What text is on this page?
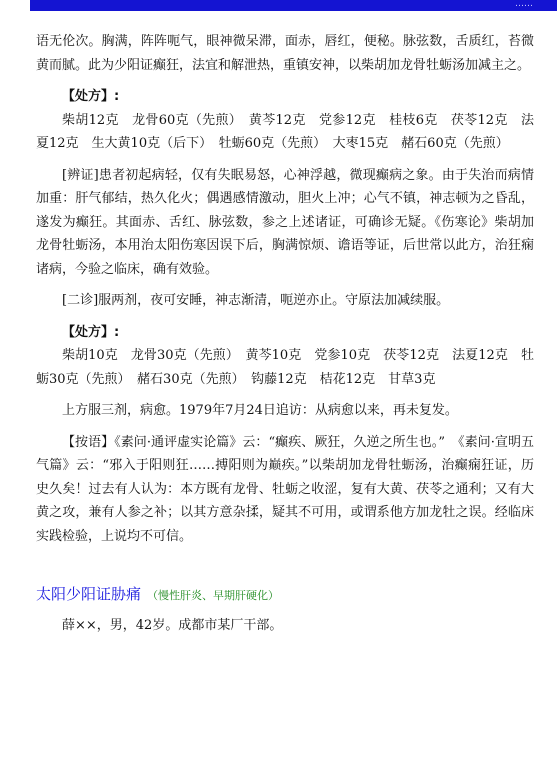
……

语无伦次。胸满，阵阵呃气，眼神微呆滞，面赤，唇红，便秘。脉弦数，舌质红，苔微黄而腻。此为少阳证癫狂，法宜和解泄热，重镇安神，以柴胡加龙骨牡蛎汤加减主之。

【处方】:

柴胡12克　龙骨60克（先煎）　黄芩12克　党参12克　桂枝6克　茯苓12克　法夏12克　生大黄10克（后下）　牡蛎60克（先煎）　大枣15克　赭石60克（先煎）

[辨证]患者初起病轻，仅有失眠易怒，心神浮越，微现癫病之象。由于失治而病情加重：肝气郁结，热久化火；偶遇感情激动，胆火上冲；心气不镇，神志顿为之昏乱，遂发为癫狂。其面赤、舌红、脉弦数，参之上述诸证，可确诊无疑。《伤寒论》柴胡加龙骨牡蛎汤，本用治太阳伤寒因误下后，胸满惊烦、谵语等证，后世常以此方，治狂痫诸病，今验之临床，确有效验。

[二诊]服两剂，夜可安睡，神志渐清，呃逆亦止。守原法加减续服。

【处方】:

柴胡10克　龙骨30克（先煎）　黄芩10克　党参10克　茯苓12克　法夏12克　牡蛎30克（先煎）　赭石30克（先煎）　钩藤12克　桔花12克　甘草3克

上方服三剂，病愈。1979年7月24日追访：从病愈以来，再未复发。

【按语】《素问·通评虚实论篇》云：“癫疾、厥狂，久逆之所生也。”　《素问·宣明五气篇》云：“邪入于阳则狂……搏阳则为巅疾。”以柴胡加龙骨牡蛎汤，治癫痫狂证，历史久矣！过去有人认为：本方既有龙骨、牡蛎之收涩，复有大黄、茯苓之通利；又有大黄之攻，兼有人参之补；以其方意杂揉，疑其不可用，或谓系他方加龙牡之误。经临床实践检验，上说均不可信。

太阳少阳证胁痛 （慢性肝炎、早期肝硬化）

薛××，男，42岁。成都市某厂干部。
